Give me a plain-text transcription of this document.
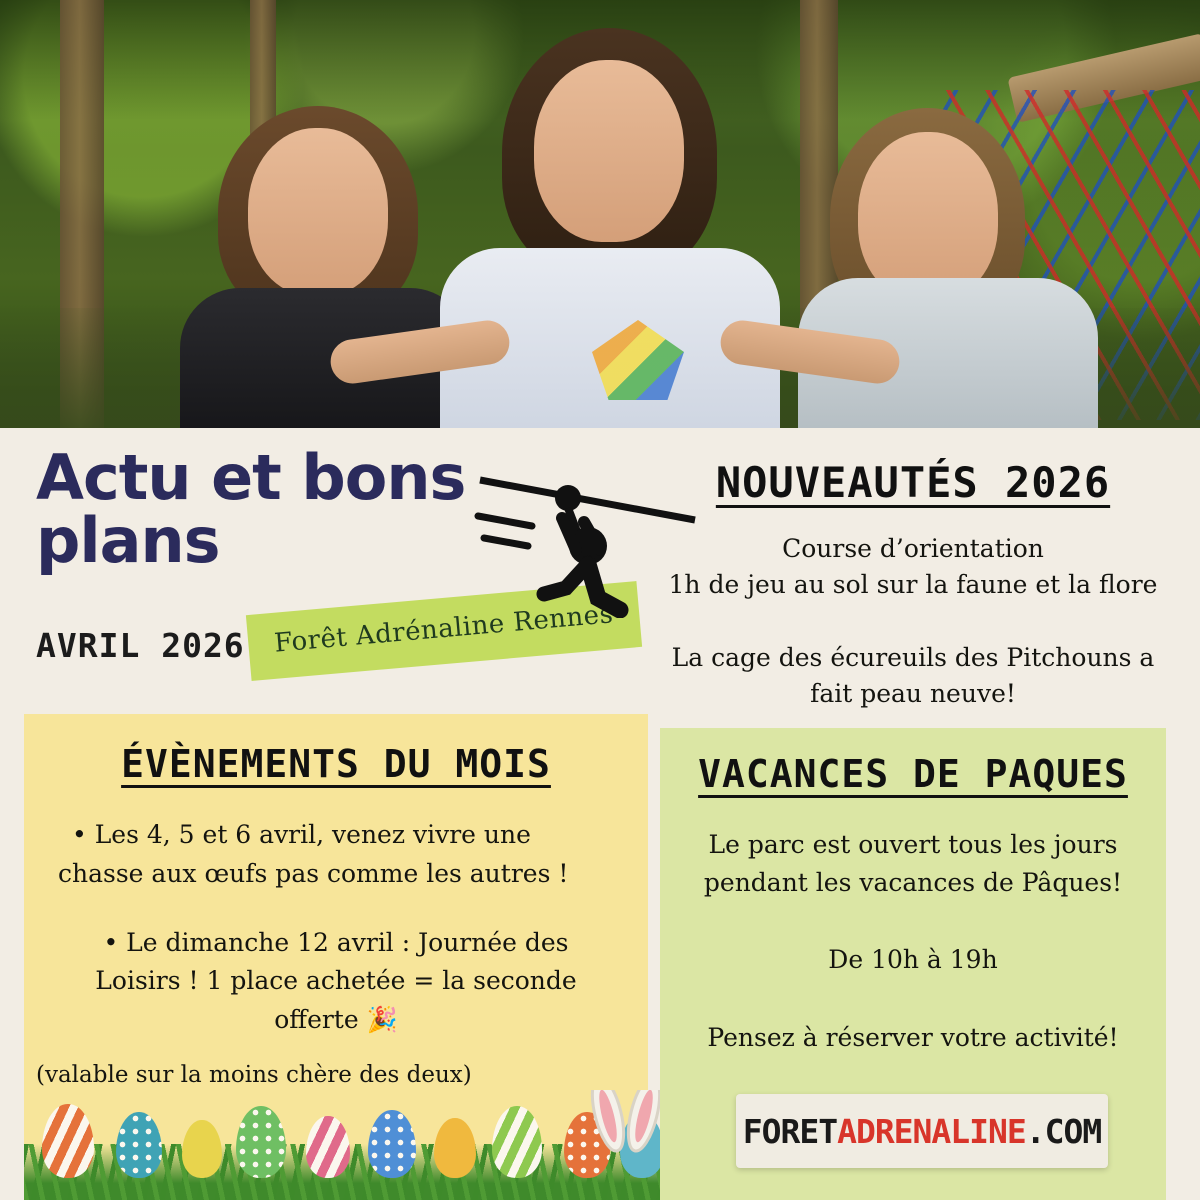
Actu et bons plans
AVRIL 2026	Forêt Adrénaline Rennes
NOUVEAUTÉS 2026

Course d’orientation

1h de jeu au sol sur la faune et la flore

La cage des écureuils des Pitchouns a fait peau neuve!

ÉVÈNEMENTS DU MOIS
• Les 4, 5 et 6 avril, venez vivre une chasse aux œufs pas comme les autres !
• Le dimanche 12 avril : Journée des Loisirs ! 1 place achetée = la seconde offerte 🎉
(valable sur la moins chère des deux)
VACANCES DE PAQUES

Le parc est ouvert tous les jours pendant les vacances de Pâques!

De 10h à 19h

Pensez à réserver votre activité!

FORETADRENALINE.COM
